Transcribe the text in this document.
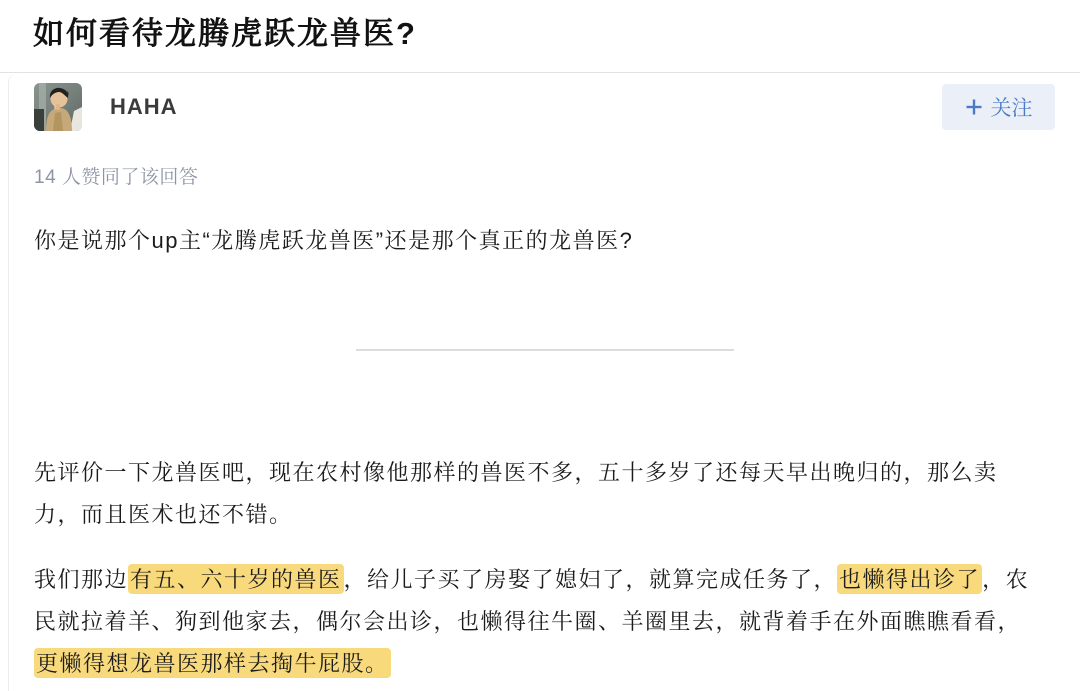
如何看待龙腾虎跃龙兽医?
HAHA	关注
14 人赞同了该回答
你是说那个up主“龙腾虎跃龙兽医”还是那个真正的龙兽医?
先评价一下龙兽医吧，现在农村像他那样的兽医不多，五十多岁了还每天早出晚归的，那么卖
力，而且医术也还不错。
我们那边有五、六十岁的兽医，给儿子买了房娶了媳妇了，就算完成任务了，也懒得出诊了，农
民就拉着羊、狗到他家去，偶尔会出诊，也懒得往牛圈、羊圈里去，就背着手在外面瞧瞧看看，
更懒得想龙兽医那样去掏牛屁股。
